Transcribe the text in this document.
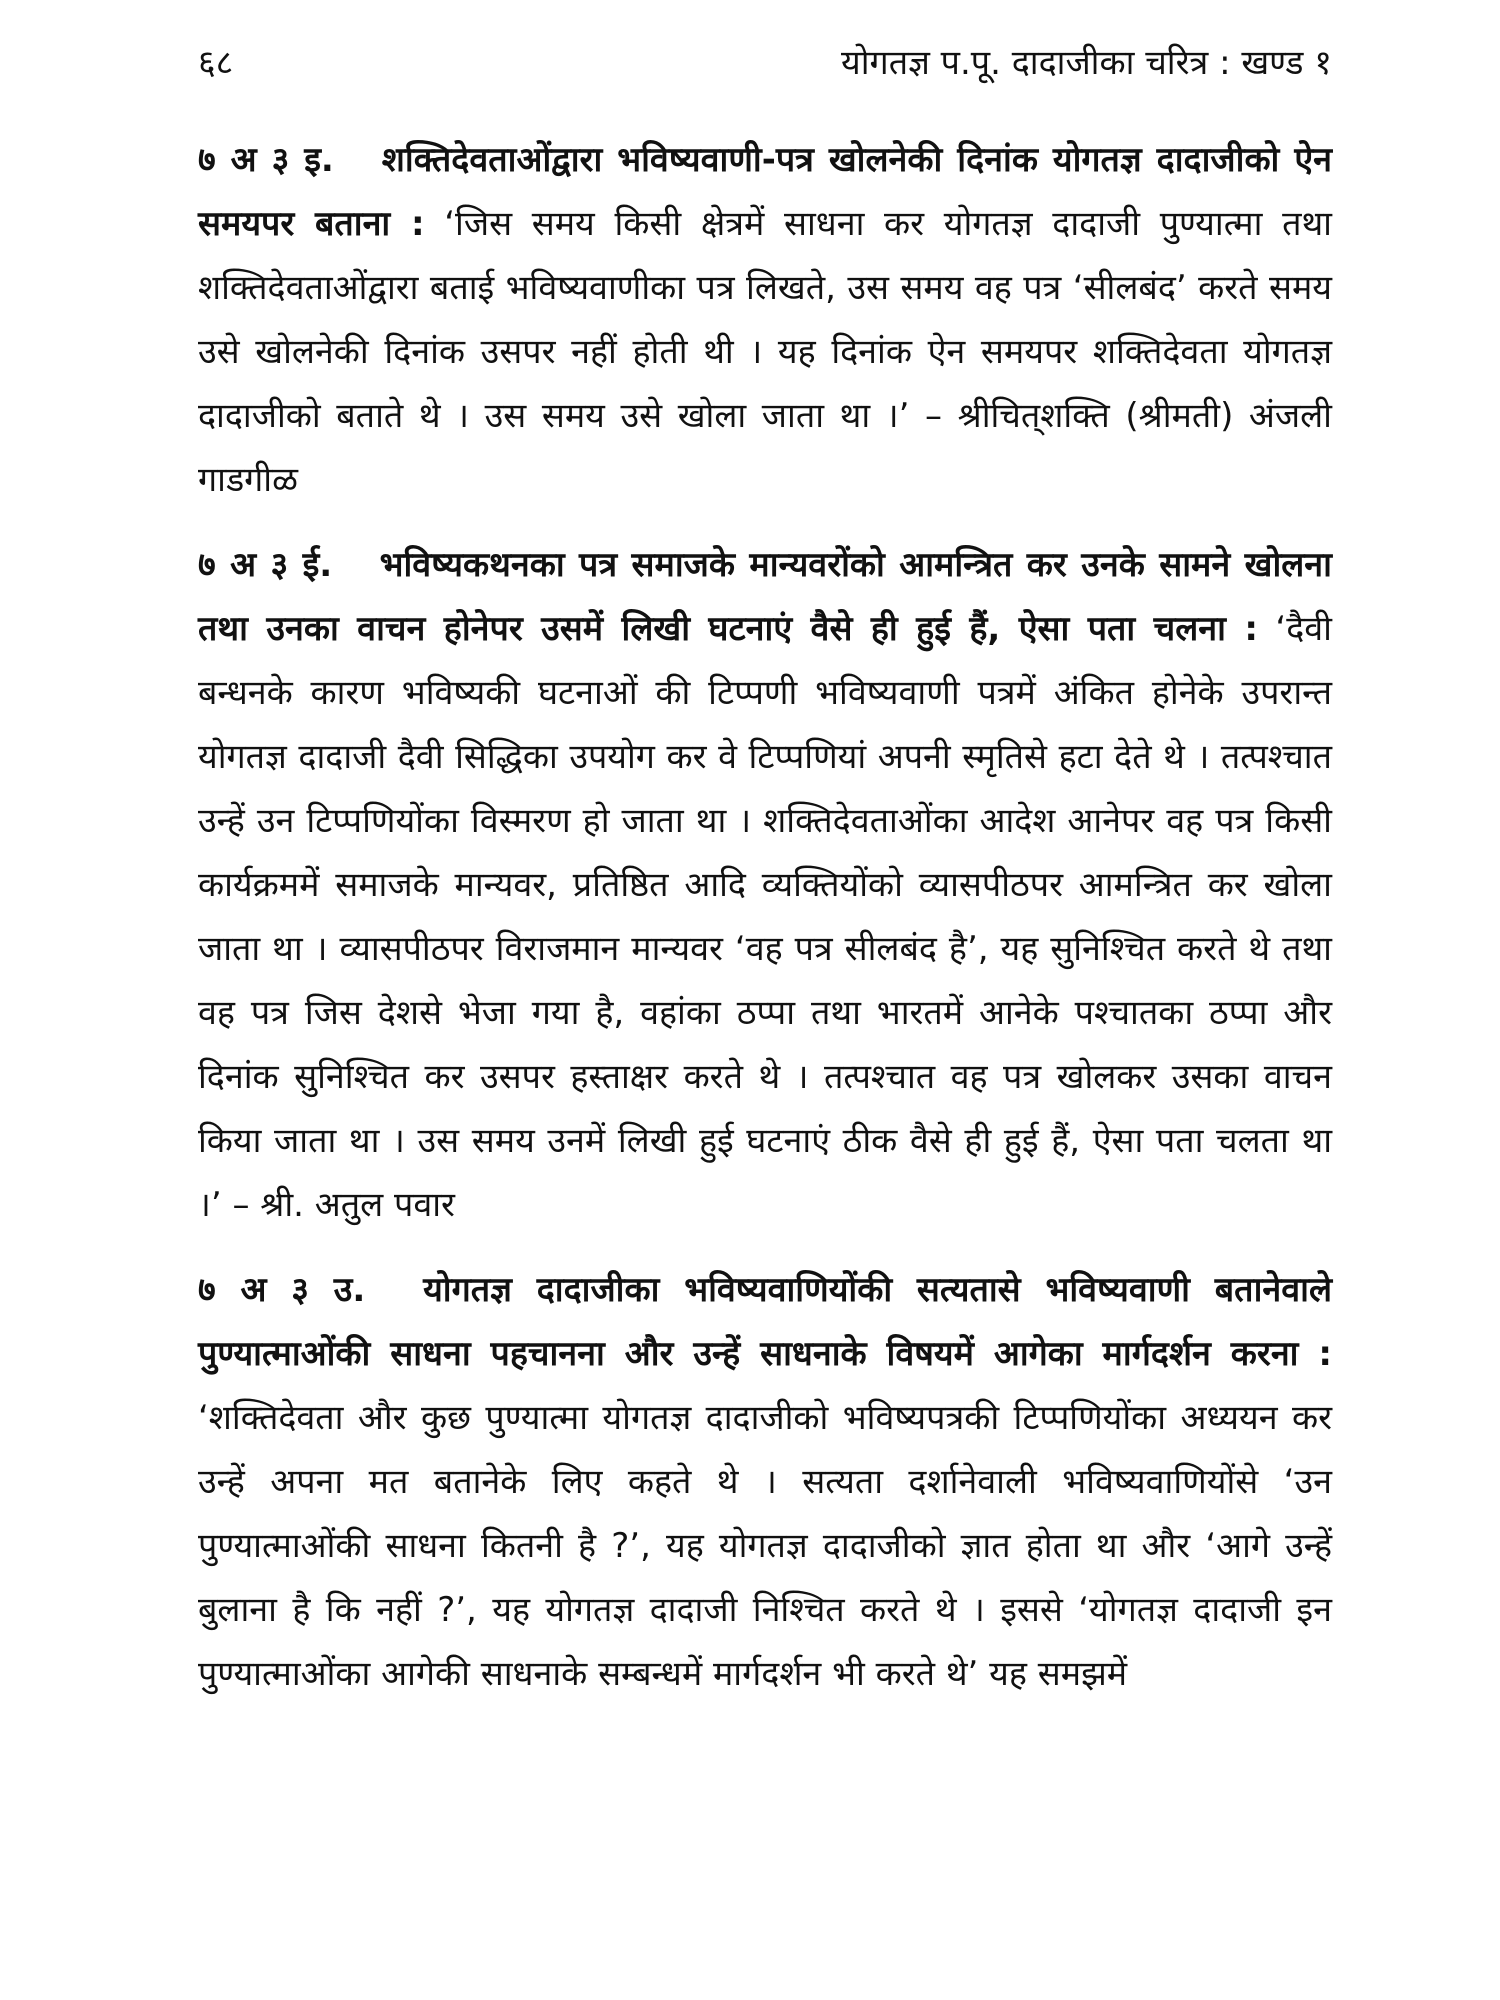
६८	योगतज्ञ प.पू. दादाजीका चरित्र : खण्ड १

७ अ ३ इ. शक्तिदेवताओंद्वारा भविष्यवाणी-पत्र खोलनेकी दिनांक योगतज्ञ दादाजीको ऐन समयपर बताना : ‘जिस समय किसी क्षेत्रमें साधना कर योगतज्ञ दादाजी पुण्यात्मा तथा शक्तिदेवताओंद्वारा बताई भविष्यवाणीका पत्र लिखते, उस समय वह पत्र ‘सीलबंद’ करते समय उसे खोलनेकी दिनांक उसपर नहीं होती थी । यह दिनांक ऐन समयपर शक्तिदेवता योगतज्ञ दादाजीको बताते थे । उस समय उसे खोला जाता था ।’ – श्रीचित्‌शक्ति (श्रीमती) अंजली गाडगीळ

७ अ ३ ई. भविष्यकथनका पत्र समाजके मान्यवरोंको आमन्त्रित कर उनके सामने खोलना तथा उनका वाचन होनेपर उसमें लिखी घटनाएं वैसे ही हुई हैं, ऐसा पता चलना : ‘दैवी बन्धनके कारण भविष्यकी घटनाओं की टिप्पणी भविष्यवाणी पत्रमें अंकित होनेके उपरान्त योगतज्ञ दादाजी दैवी सिद्धिका उपयोग कर वे टिप्पणियां अपनी स्मृतिसे हटा देते थे । तत्पश्चात उन्हें उन टिप्पणियोंका विस्मरण हो जाता था । शक्तिदेवताओंका आदेश आनेपर वह पत्र किसी कार्यक्रममें समाजके मान्यवर, प्रतिष्ठित आदि व्यक्तियोंको व्यासपीठपर आमन्त्रित कर खोला जाता था । व्यासपीठपर विराजमान मान्यवर ‘वह पत्र सीलबंद है’, यह सुनिश्चित करते थे तथा वह पत्र जिस देशसे भेजा गया है, वहांका ठप्पा तथा भारतमें आनेके पश्चातका ठप्पा और दिनांक सुनिश्चित कर उसपर हस्ताक्षर करते थे । तत्पश्चात वह पत्र खोलकर उसका वाचन किया जाता था । उस समय उनमें लिखी हुई घटनाएं ठीक वैसे ही हुई हैं, ऐसा पता चलता था ।’ – श्री. अतुल पवार

७ अ ३ उ. योगतज्ञ दादाजीका भविष्यवाणियोंकी सत्यतासे भविष्यवाणी बतानेवाले पुण्यात्माओंकी साधना पहचानना और उन्हें साधनाके विषयमें आगेका मार्गदर्शन करना : ‘शक्तिदेवता और कुछ पुण्यात्मा योगतज्ञ दादाजीको भविष्यपत्रकी टिप्पणियोंका अध्ययन कर उन्हें अपना मत बतानेके लिए कहते थे । सत्यता दर्शानेवाली भविष्यवाणियोंसे ‘उन पुण्यात्माओंकी साधना कितनी है ?’, यह योगतज्ञ दादाजीको ज्ञात होता था और ‘आगे उन्हें बुलाना है कि नहीं ?’, यह योगतज्ञ दादाजी निश्चित करते थे । इससे ‘योगतज्ञ दादाजी इन पुण्यात्माओंका आगेकी साधनाके सम्बन्धमें मार्गदर्शन भी करते थे’ यह समझमें
